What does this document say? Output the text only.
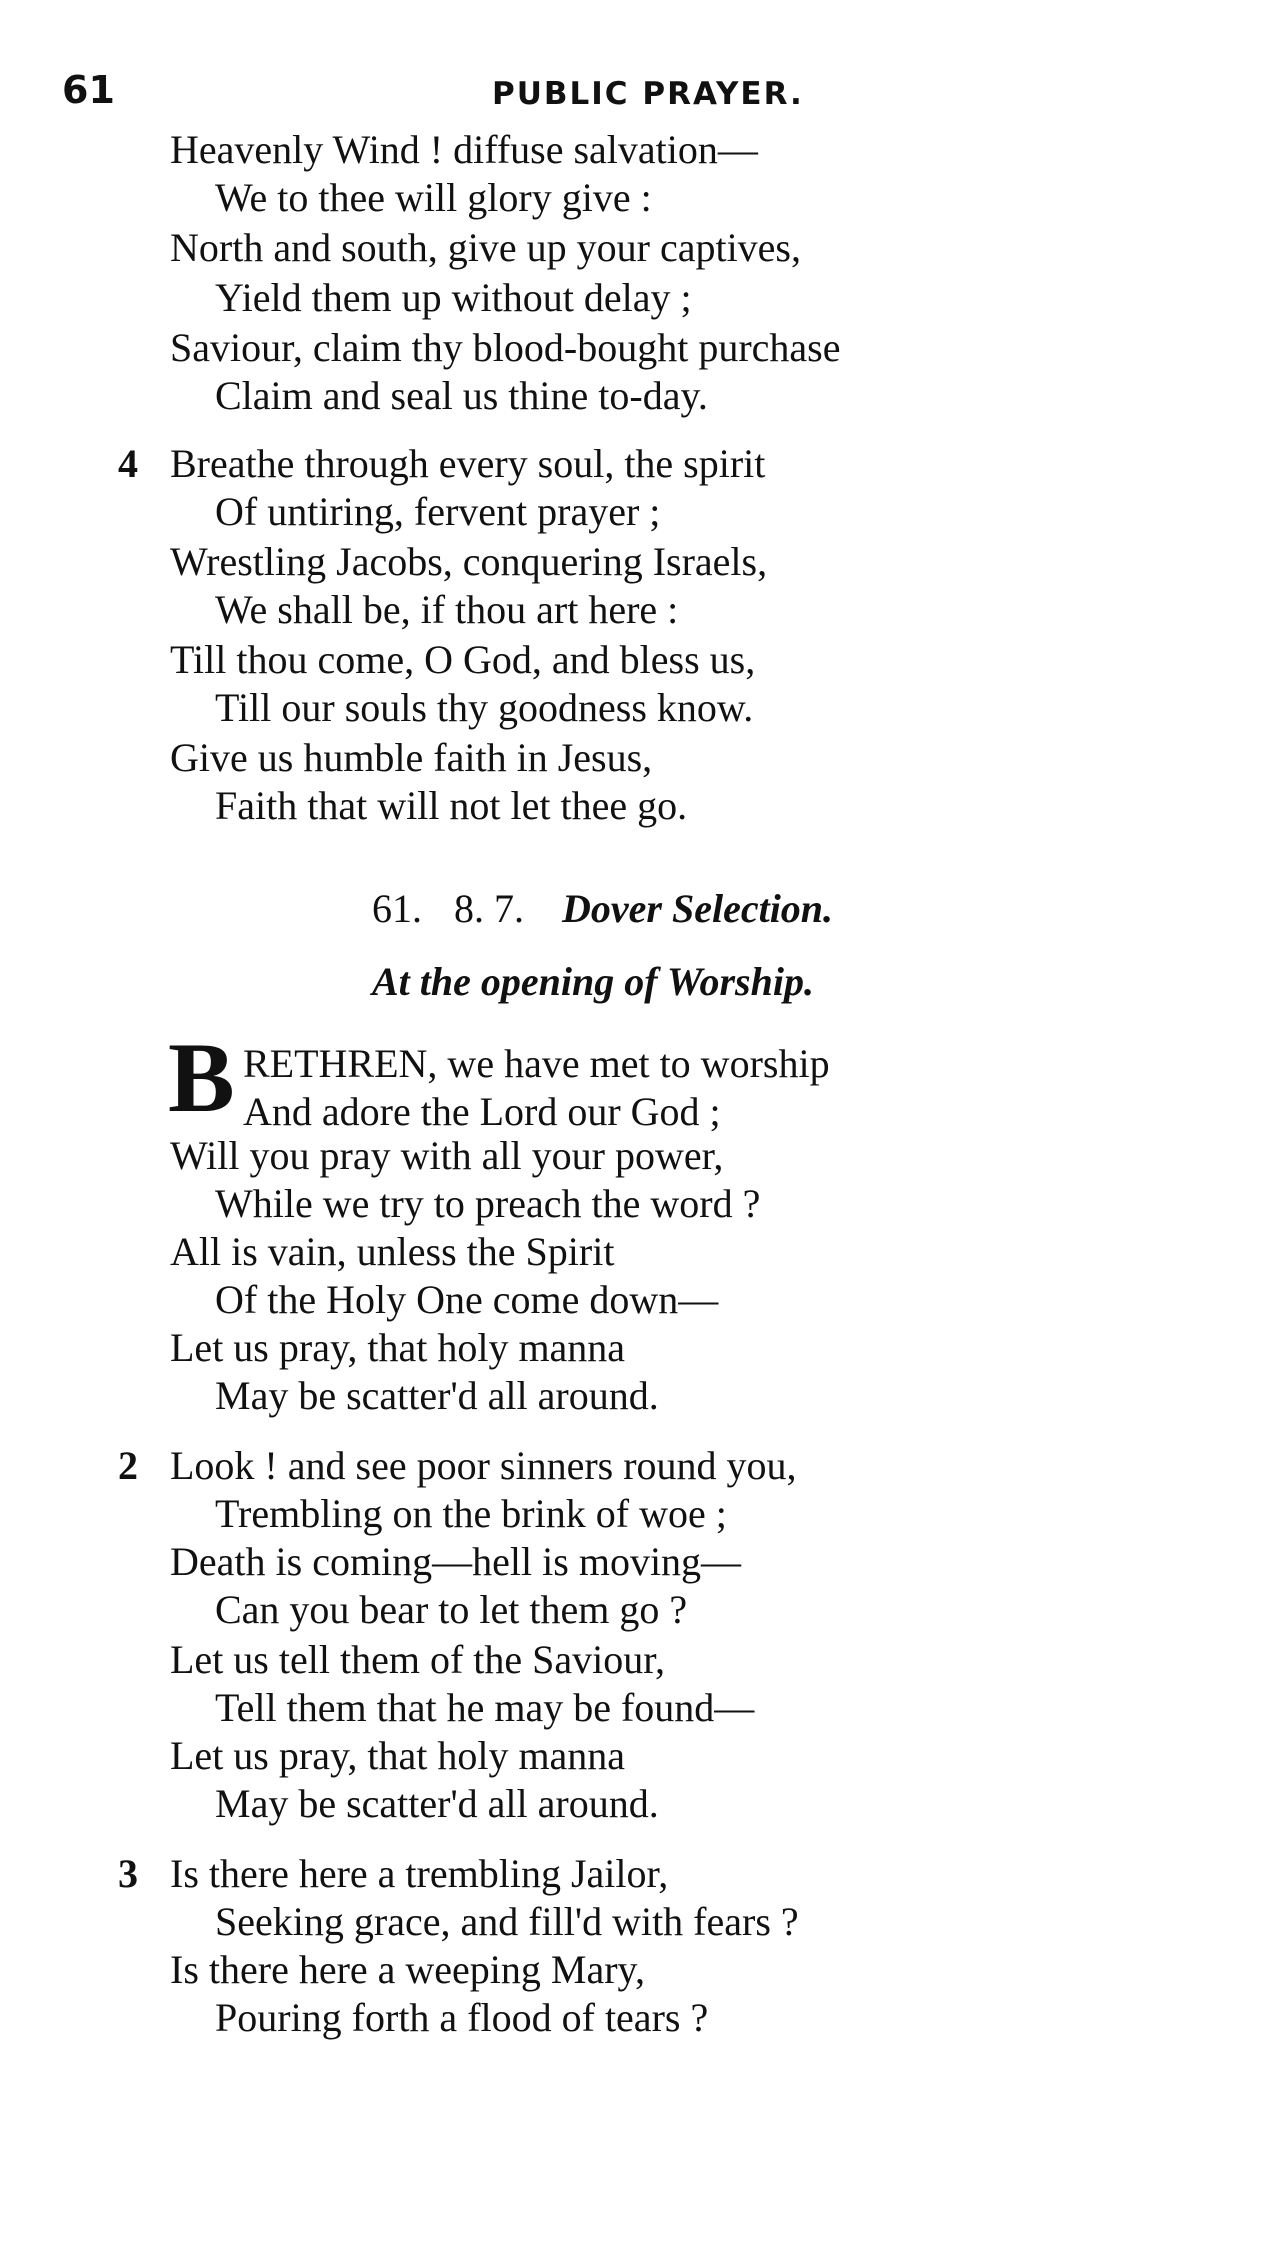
61	PUBLIC PRAYER.
Heavenly Wind ! diffuse salvation—
We to thee will glory give :
North and south, give up your captives,
Yield them up without delay ;
Saviour, claim thy blood-bought purchase
Claim and seal us thine to-day.
4 Breathe through every soul, the spirit
Of untiring, fervent prayer ;
Wrestling Jacobs, conquering Israels,
We shall be, if thou art here :
Till thou come, O God, and bless us,
Till our souls thy goodness know.
Give us humble faith in Jesus,
Faith that will not let thee go.
61. 8. 7. Dover Selection.
At the opening of Worship.
B RETHREN, we have met to worship
And adore the Lord our God ;
Will you pray with all your power,
While we try to preach the word ?
All is vain, unless the Spirit
Of the Holy One come down—
Let us pray, that holy manna
May be scatter'd all around.
2 Look ! and see poor sinners round you,
Trembling on the brink of woe ;
Death is coming—hell is moving—
Can you bear to let them go ?
Let us tell them of the Saviour,
Tell them that he may be found—
Let us pray, that holy manna
May be scatter'd all around.
3 Is there here a trembling Jailor,
Seeking grace, and fill'd with fears ?
Is there here a weeping Mary,
Pouring forth a flood of tears ?
